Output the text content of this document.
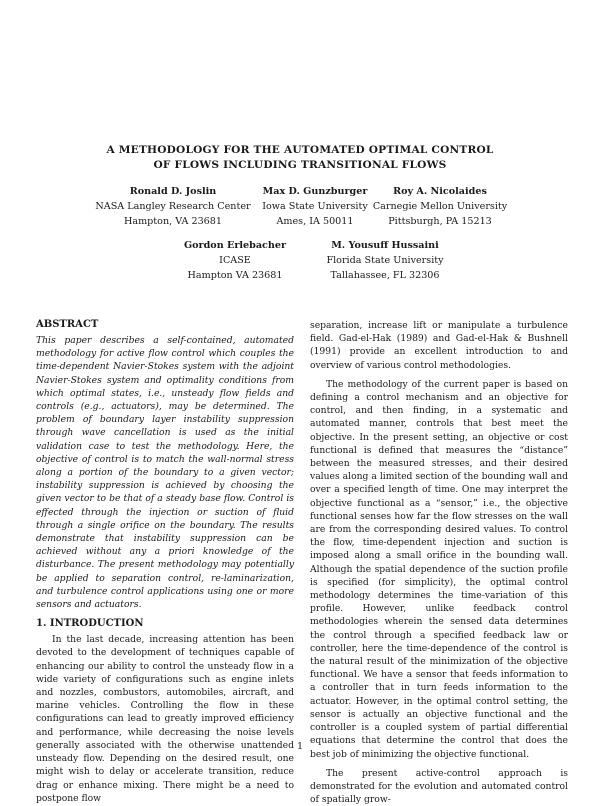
A METHODOLOGY FOR THE AUTOMATED OPTIMAL CONTROL
OF FLOWS INCLUDING TRANSITIONAL FLOWS
Ronald D. Joslin
NASA Langley Research Center
Hampton, VA 23681
Max D. Gunzburger
Iowa State University
Ames, IA 50011
Roy A. Nicolaides
Carnegie Mellon University
Pittsburgh, PA 15213
Gordon Erlebacher
ICASE
Hampton VA 23681
M. Yousuff Hussaini
Florida State University
Tallahassee, FL 32306
ABSTRACT

This paper describes a self-contained, automated methodology for active flow control which couples the time-dependent Navier-Stokes system with the adjoint Navier-Stokes system and optimality conditions from which optimal states, i.e., unsteady flow fields and controls (e.g., actuators), may be determined. The problem of boundary layer instability suppression through wave cancellation is used as the initial validation case to test the methodology. Here, the objective of control is to match the wall-normal stress along a portion of the boundary to a given vector; instability suppression is achieved by choosing the given vector to be that of a steady base flow. Control is effected through the injection or suction of fluid through a single orifice on the boundary. The results demonstrate that instability suppression can be achieved without any a priori knowledge of the disturbance. The present methodology may potentially be applied to separation control, re-laminarization, and turbulence control applications using one or more sensors and actuators.

1. INTRODUCTION

In the last decade, increasing attention has been devoted to the development of techniques capable of enhancing our ability to control the unsteady flow in a wide variety of configurations such as engine inlets and nozzles, combustors, automobiles, aircraft, and marine vehicles. Controlling the flow in these configurations can lead to greatly improved efficiency and performance, while decreasing the noise levels generally associated with the otherwise unattended unsteady flow. Depending on the desired result, one might wish to delay or accelerate transition, reduce drag or enhance mixing. There might be a need to postpone flow

separation, increase lift or manipulate a turbulence field. Gad-el-Hak (1989) and Gad-el-Hak & Bushnell (1991) provide an excellent introduction to and overview of various control methodologies.

The methodology of the current paper is based on defining a control mechanism and an objective for control, and then finding, in a systematic and automated manner, controls that best meet the objective. In the present setting, an objective or cost functional is defined that measures the “distance” between the measured stresses, and their desired values along a limited section of the bounding wall and over a specified length of time. One may interpret the objective functional as a “sensor,” i.e., the objective functional senses how far the flow stresses on the wall are from the corresponding desired values. To control the flow, time-dependent injection and suction is imposed along a small orifice in the bounding wall. Although the spatial dependence of the suction profile is specified (for simplicity), the optimal control methodology determines the time-variation of this profile. However, unlike feedback control methodologies wherein the sensed data determines the control through a specified feedback law or controller, here the time-dependence of the control is the natural result of the minimization of the objective functional. We have a sensor that feeds information to a controller that in turn feeds information to the actuator. However, in the optimal control setting, the sensor is actually an objective functional and the controller is a coupled system of partial differential equations that determine the control that does the best job of minimizing the objective functional.

The present active-control approach is demonstrated for the evolution and automated control of spatially grow-

1
